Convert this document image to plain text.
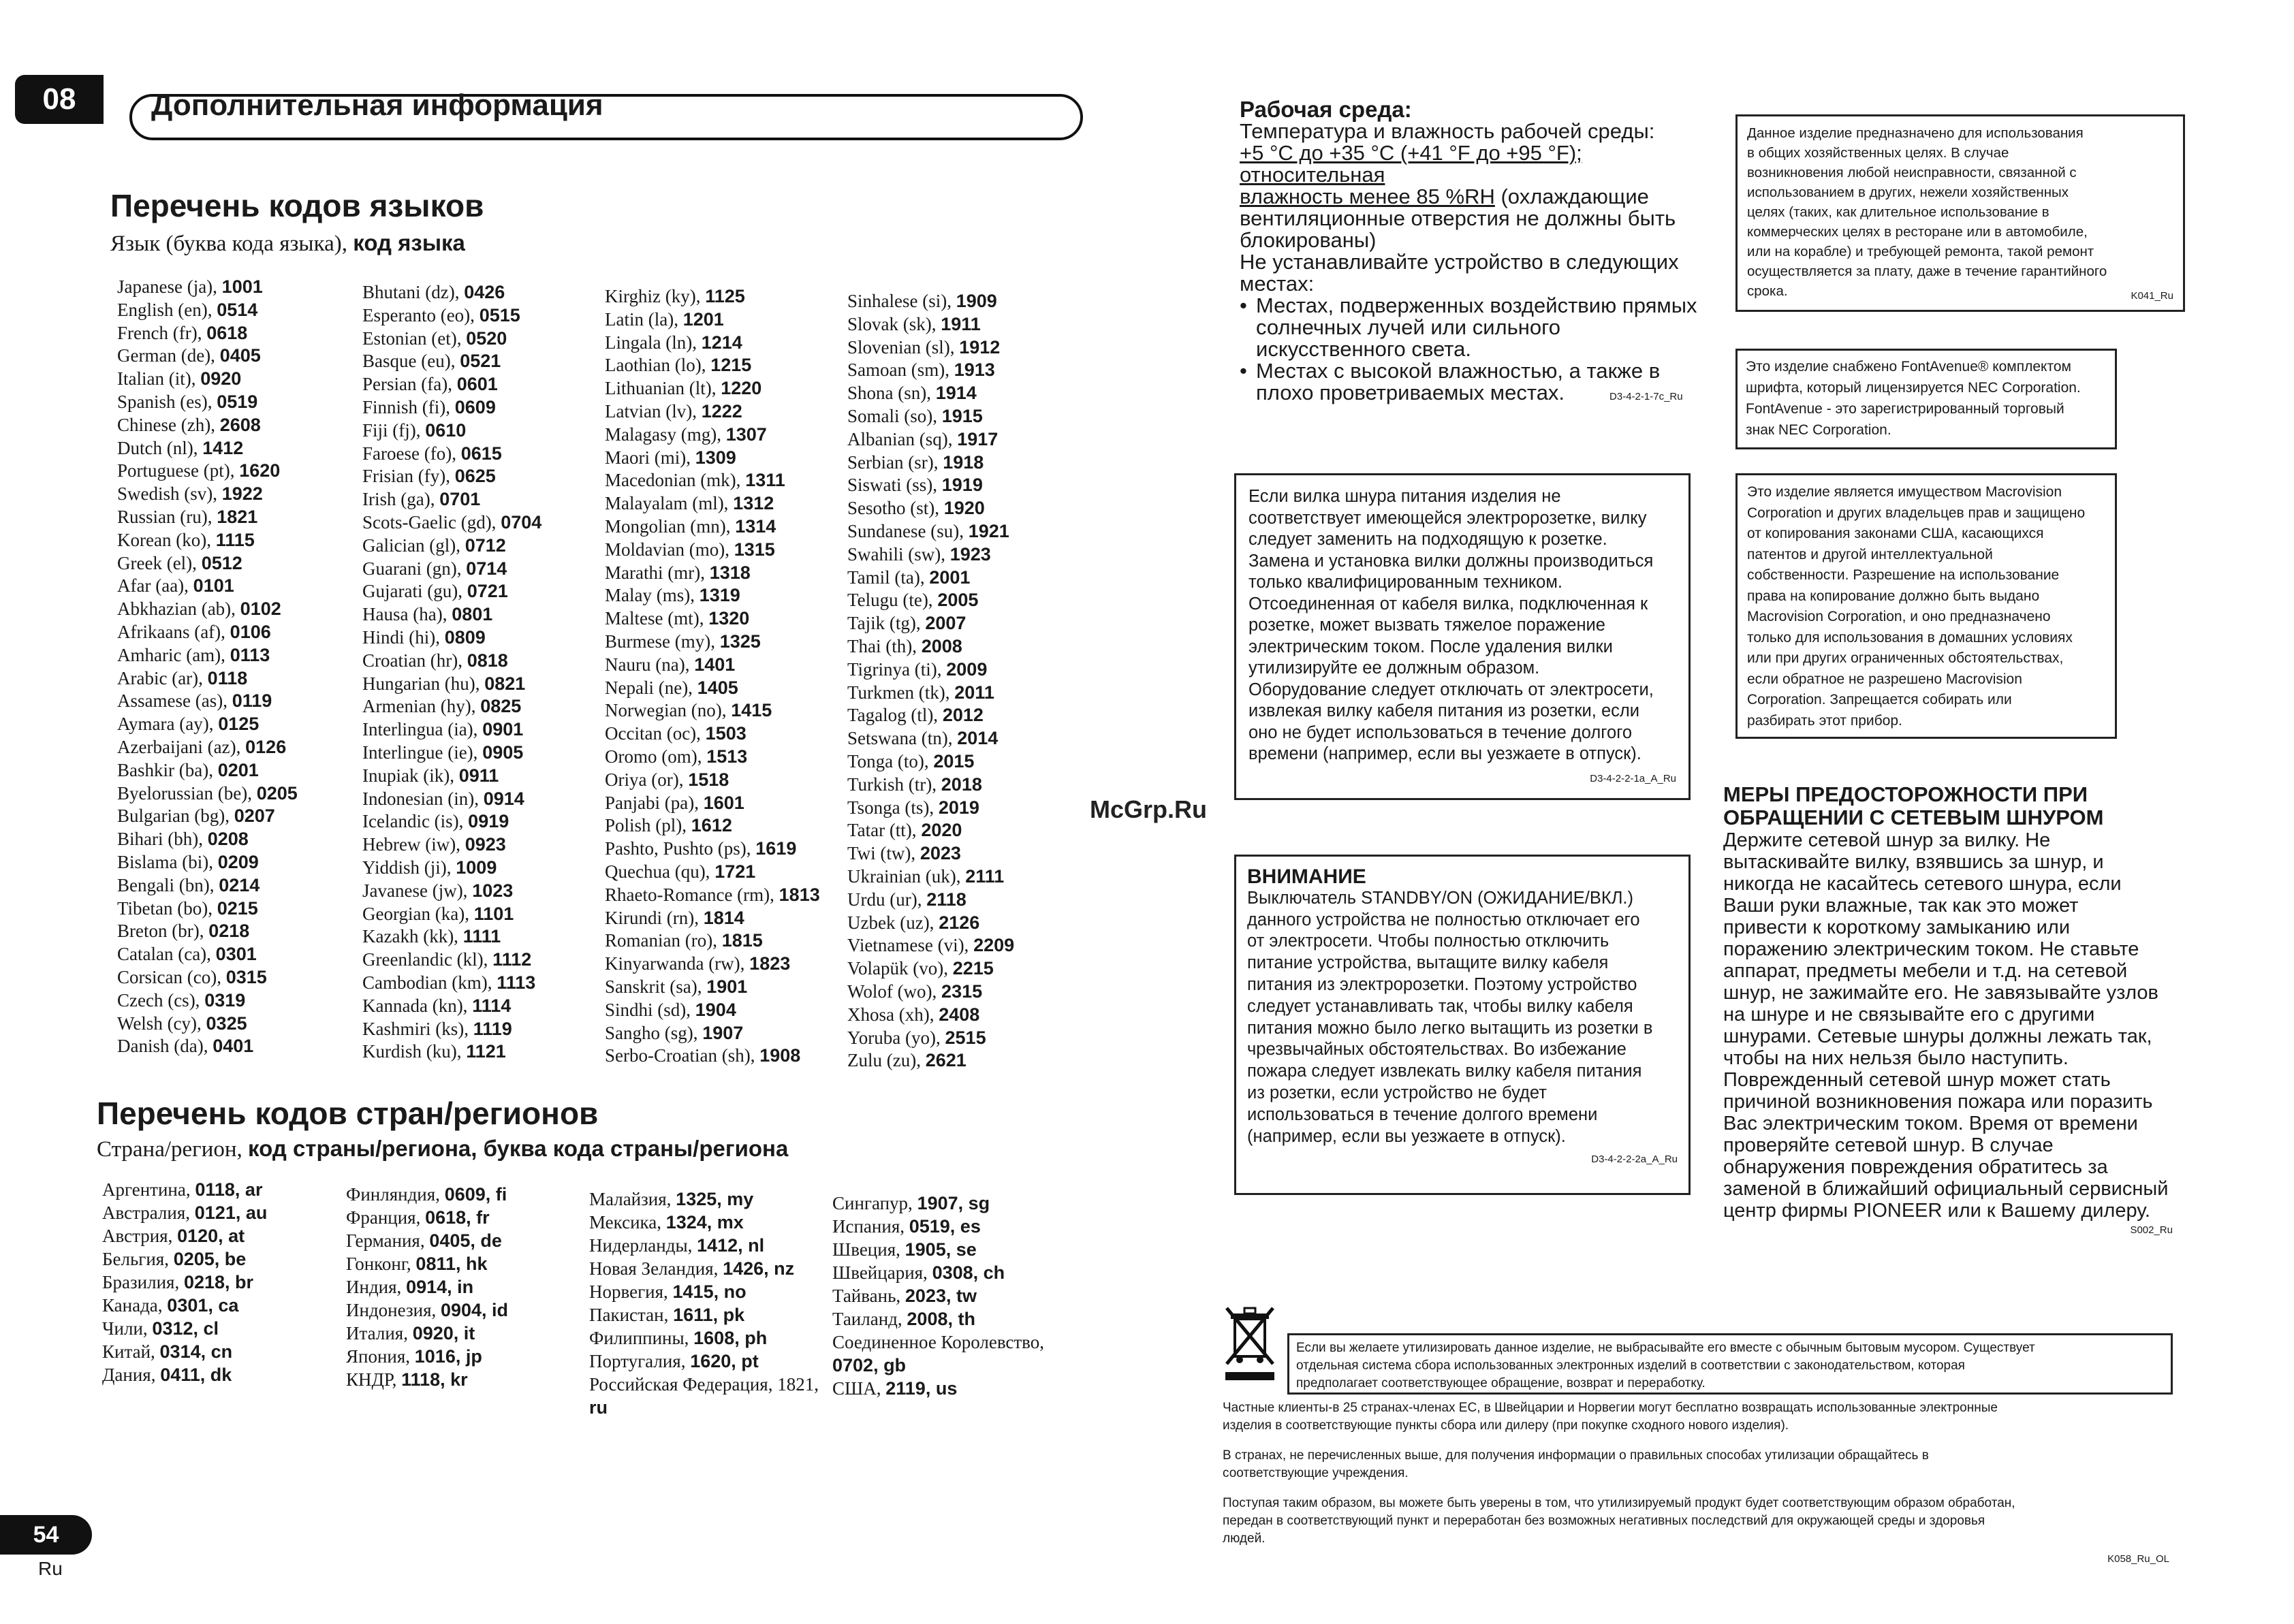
08	Дополнительная информация
Перечень кодов языков
Язык (буква кода языка), код языка
Japanese (ja), 1001
English (en), 0514
French (fr), 0618
German (de), 0405
Italian (it), 0920
Spanish (es), 0519
Chinese (zh), 2608
Dutch (nl), 1412
Portuguese (pt), 1620
Swedish (sv), 1922
Russian (ru), 1821
Korean (ko), 1115
Greek (el), 0512
Afar (aa), 0101
Abkhazian (ab), 0102
Afrikaans (af), 0106
Amharic (am), 0113
Arabic (ar), 0118
Assamese (as), 0119
Aymara (ay), 0125
Azerbaijani (az), 0126
Bashkir (ba), 0201
Byelorussian (be), 0205
Bulgarian (bg), 0207
Bihari (bh), 0208
Bislama (bi), 0209
Bengali (bn), 0214
Tibetan (bo), 0215
Breton (br), 0218
Catalan (ca), 0301
Corsican (co), 0315
Czech (cs), 0319
Welsh (cy), 0325
Danish (da), 0401
Bhutani (dz), 0426
Esperanto (eo), 0515
Estonian (et), 0520
Basque (eu), 0521
Persian (fa), 0601
Finnish (fi), 0609
Fiji (fj), 0610
Faroese (fo), 0615
Frisian (fy), 0625
Irish (ga), 0701
Scots-Gaelic (gd), 0704
Galician (gl), 0712
Guarani (gn), 0714
Gujarati (gu), 0721
Hausa (ha), 0801
Hindi (hi), 0809
Croatian (hr), 0818
Hungarian (hu), 0821
Armenian (hy), 0825
Interlingua (ia), 0901
Interlingue (ie), 0905
Inupiak (ik), 0911
Indonesian (in), 0914
Icelandic (is), 0919
Hebrew (iw), 0923
Yiddish (ji), 1009
Javanese (jw), 1023
Georgian (ka), 1101
Kazakh (kk), 1111
Greenlandic (kl), 1112
Cambodian (km), 1113
Kannada (kn), 1114
Kashmiri (ks), 1119
Kurdish (ku), 1121
Kirghiz (ky), 1125
Latin (la), 1201
Lingala (ln), 1214
Laothian (lo), 1215
Lithuanian (lt), 1220
Latvian (lv), 1222
Malagasy (mg), 1307
Maori (mi), 1309
Macedonian (mk), 1311
Malayalam (ml), 1312
Mongolian (mn), 1314
Moldavian (mo), 1315
Marathi (mr), 1318
Malay (ms), 1319
Maltese (mt), 1320
Burmese (my), 1325
Nauru (na), 1401
Nepali (ne), 1405
Norwegian (no), 1415
Occitan (oc), 1503
Oromo (om), 1513
Oriya (or), 1518
Panjabi (pa), 1601
Polish (pl), 1612
Pashto, Pushto (ps), 1619
Quechua (qu), 1721
Rhaeto-Romance (rm), 1813
Kirundi (rn), 1814
Romanian (ro), 1815
Kinyarwanda (rw), 1823
Sanskrit (sa), 1901
Sindhi (sd), 1904
Sangho (sg), 1907
Serbo-Croatian (sh), 1908
Sinhalese (si), 1909
Slovak (sk), 1911
Slovenian (sl), 1912
Samoan (sm), 1913
Shona (sn), 1914
Somali (so), 1915
Albanian (sq), 1917
Serbian (sr), 1918
Siswati (ss), 1919
Sesotho (st), 1920
Sundanese (su), 1921
Swahili (sw), 1923
Tamil (ta), 2001
Telugu (te), 2005
Tajik (tg), 2007
Thai (th), 2008
Tigrinya (ti), 2009
Turkmen (tk), 2011
Tagalog (tl), 2012
Setswana (tn), 2014
Tonga (to), 2015
Turkish (tr), 2018
Tsonga (ts), 2019
Tatar (tt), 2020
Twi (tw), 2023
Ukrainian (uk), 2111
Urdu (ur), 2118
Uzbek (uz), 2126
Vietnamese (vi), 2209
Volapük (vo), 2215
Wolof (wo), 2315
Xhosa (xh), 2408
Yoruba (yo), 2515
Zulu (zu), 2621
Перечень кодов стран/регионов
Страна/регион, код страны/региона, буква кода страны/региона
Аргентина, 0118, ar
Австралия, 0121, au
Австрия, 0120, at
Бельгия, 0205, be
Бразилия, 0218, br
Канада, 0301, ca
Чили, 0312, cl
Китай, 0314, cn
Дания, 0411, dk
Финляндия, 0609, fi
Франция, 0618, fr
Германия, 0405, de
Гонконг, 0811, hk
Индия, 0914, in
Индонезия, 0904, id
Италия, 0920, it
Япония, 1016, jp
КНДР, 1118, kr
Малайзия, 1325, my
Мексика, 1324, mx
Нидерланды, 1412, nl
Новая Зеландия, 1426, nz
Норвегия, 1415, no
Пакистан, 1611, pk
Филиппины, 1608, ph
Португалия, 1620, pt
Российская Федерация, 1821,
ru
Сингапур, 1907, sg
Испания, 0519, es
Швеция, 1905, se
Швейцария, 0308, ch
Тайвань, 2023, tw
Таиланд, 2008, th
Соединенное Королевство,
0702, gb
США, 2119, us
54
Ru
McGrp.Ru
Рабочая среда:
Температура и влажность рабочей среды:
+5 °C до +35 °C (+41 °F до +95 °F); относительная
влажность менее 85 %RH (охлаждающие
вентиляционные отверстия не должны быть
блокированы)
Не устанавливайте устройство в следующих
местах:
• Местах, подверженных воздействию прямых
солнечных лучей или сильного
искусственного света.
• Местах с высокой влажностью, а также в
плохо проветриваемых местах.	D3-4-2-1-7c_Ru
Данное изделие предназначено для использования
в общих хозяйственных целях. В случае
возникновения любой неисправности, связанной с
использованием в других, нежели хозяйственных
целях (таких, как длительное использование в
коммерческих целях в ресторане или в автомобиле,
или на корабле) и требующей ремонта, такой ремонт
осуществляется за плату, даже в течение гарантийного
срока.	K041_Ru
Это изделие снабжено FontAvenue® комплектом
шрифта, который лицензируется NEC Corporation.
FontAvenue - это зарегистрированный торговый
знак NEC Corporation.
Если вилка шнура питания изделия не
соответствует имеющейся электророзетке, вилку
следует заменить на подходящую к розетке.
Замена и установка вилки должны производиться
только квалифицированным техником.
Отсоединенная от кабеля вилка, подключенная к
розетке, может вызвать тяжелое поражение
электрическим током. После удаления вилки
утилизируйте ее должным образом.
Оборудование следует отключать от электросети,
извлекая вилку кабеля питания из розетки, если
оно не будет использоваться в течение долгого
времени (например, если вы уезжаете в отпуск).
D3-4-2-2-1a_A_Ru
Это изделие является имуществом Macrovision
Corporation и других владельцев прав и защищено
от копирования законами США, касающихся
патентов и другой интеллектуальной
собственности. Разрешение на использование
права на копирование должно быть выдано
Macrovision Corporation, и оно предназначено
только для использования в домашних условиях
или при других ограниченных обстоятельствах,
если обратное не разрешено Macrovision
Corporation. Запрещается собирать или
разбирать этот прибор.
ВНИМАНИЕ
Выключатель STANDBY/ON (ОЖИДАНИЕ/ВКЛ.)
данного устройства не полностью отключает его
от электросети. Чтобы полностью отключить
питание устройства, вытащите вилку кабеля
питания из электророзетки. Поэтому устройство
следует устанавливать так, чтобы вилку кабеля
питания можно было легко вытащить из розетки в
чрезвычайных обстоятельствах. Во избежание
пожара следует извлекать вилку кабеля питания
из розетки, если устройство не будет
использоваться в течение долгого времени
(например, если вы уезжаете в отпуск).
D3-4-2-2-2a_A_Ru
МЕРЫ ПРЕДОСТОРОЖНОСТИ ПРИ
ОБРАЩЕНИИ С СЕТЕВЫМ ШНУРОМ
Держите сетевой шнур за вилку. Не
вытаскивайте вилку, взявшись за шнур, и
никогда не касайтесь сетевого шнура, если
Ваши руки влажные, так как это может
привести к короткому замыканию или
поражению электрическим током. Не ставьте
аппарат, предметы мебели и т.д. на сетевой
шнур, не зажимайте его. Не завязывайте узлов
на шнуре и не связывайте его с другими
шнурами. Сетевые шнуры должны лежать так,
чтобы на них нельзя было наступить.
Поврежденный сетевой шнур может стать
причиной возникновения пожара или поразить
Вас электрическим током. Время от времени
проверяйте сетевой шнур. В случае
обнаружения повреждения обратитесь за
заменой в ближайший официальный сервисный
центр фирмы PIONEER или к Вашему дилеру.
S002_Ru
Если вы желаете утилизировать данное изделие, не выбрасывайте его вместе с обычным бытовым мусором. Существует
отдельная система сбора использованных электронных изделий в соответствии с законодательством, которая
предполагает соответствующее обращение, возврат и переработку.
Частные клиенты-в 25 странах-членах ЕС, в Швейцарии и Норвегии могут бесплатно возвращать использованные электронные
изделия в соответствующие пункты сбора или дилеру (при покупке сходного нового изделия).
В странах, не перечисленных выше, для получения информации о правильных способах утилизации обращайтесь в
соответствующие учреждения.
Поступая таким образом, вы можете быть уверены в том, что утилизируемый продукт будет соответствующим образом обработан,
передан в соответствующий пункт и переработан без возможных негативных последствий для окружающей среды и здоровья
людей.
K058_Ru_OL
